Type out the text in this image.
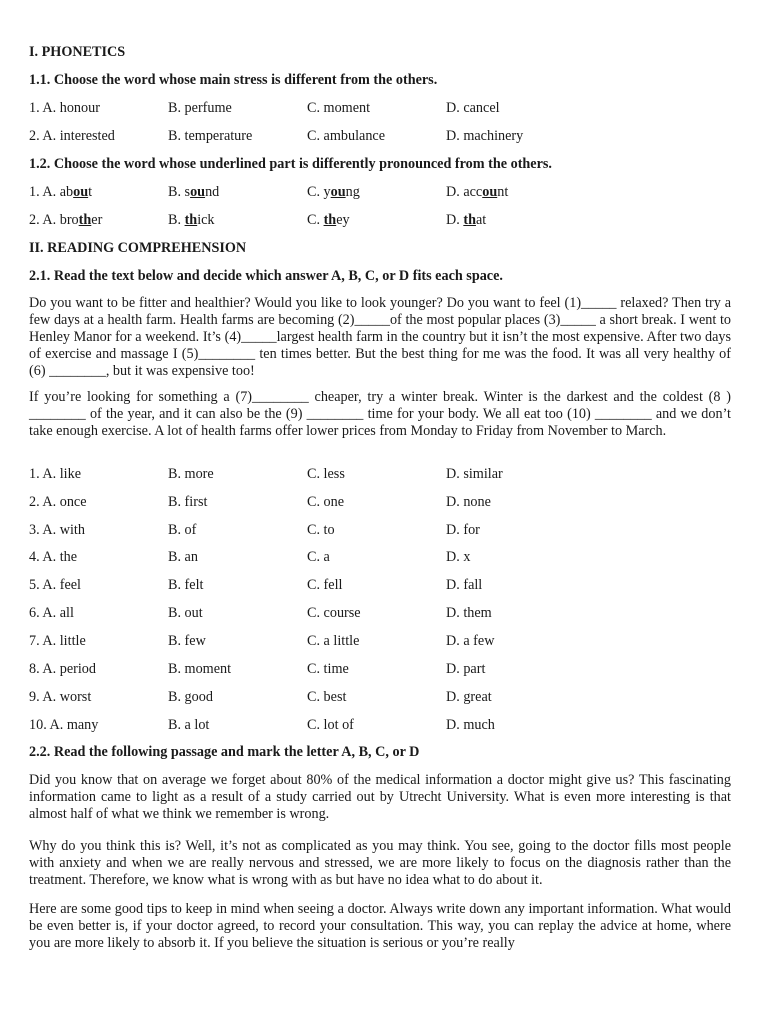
I. PHONETICS
1.1. Choose the word whose main stress is different from the others.
1. A. honour	B. perfume	C. moment	D. cancel
2. A. interested	B. temperature	C. ambulance	D. machinery
1.2. Choose the word whose underlined part is differently pronounced from the others.
1. A. about	B. sound	C. young	D. account
2. A. brother	B. thick	C. they	D. that
II. READING COMPREHENSION
2.1. Read the text below and decide which answer A, B, C, or D fits each space.

Do you want to be fitter and healthier? Would you like to look younger? Do you want to feel (1)_____ relaxed? Then try a few days at a health farm. Health farms are becoming (2)_____of the most popular places (3)_____ a short break. I went to Henley Manor for a weekend. It’s (4)_____largest health farm in the country but it isn’t the most expensive. After two days of exercise and massage I (5)________ ten times better. But the best thing for me was the food. It was all very healthy of (6) ________, but it was expensive too!

If you’re looking for something a (7)________ cheaper, try a winter break. Winter is the darkest and the coldest (8 ) ________ of the year, and it can also be the (9) ________ time for your body. We all eat too (10) ________ and we don’t take enough exercise. A lot of health farms offer lower prices from Monday to Friday from November to March.

1. A. like	B. more	C. less	D. similar
2. A. once	B. first	C. one	D. none
3. A. with	B. of	C. to	D. for
4. A. the	B. an	C. a	D. x
5. A. feel	B. felt	C. fell	D. fall
6. A. all	B. out	C. course	D. them
7. A. little	B. few	C. a little	D. a few
8. A. period	B. moment	C. time	D. part
9. A. worst	B. good	C. best	D. great
10. A. many	B. a lot	C. lot of	D. much
2.2. Read the following passage and mark the letter A, B, C, or D

Did you know that on average we forget about 80% of the medical information a doctor might give us? This fascinating information came to light as a result of a study carried out by Utrecht University. What is even more interesting is that almost half of what we think we remember is wrong.

Why do you think this is? Well, it’s not as complicated as you may think. You see, going to the doctor fills most people with anxiety and when we are really nervous and stressed, we are more likely to focus on the diagnosis rather than the treatment. Therefore, we know what is wrong with as but have no idea what to do about it.

Here are some good tips to keep in mind when seeing a doctor. Always write down any important information. What would be even better is, if your doctor agreed, to record your consultation. This way, you can replay the advice at home, where you are more likely to absorb it. If you believe the situation is serious or you’re really
